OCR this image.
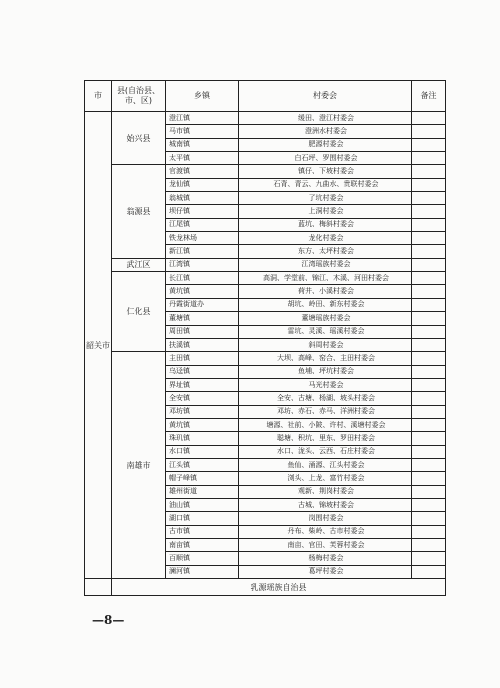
市	县(自治县、市、区)	乡镇	村委会	备注
韶关市	始兴县	澄江镇	缓田、澄江村委会	
		马市镇	澄洲水村委会	
		城南镇	肥源村委会	
		太平镇	白石坪、罗围村委会	
	翁源县	官渡镇	镇仔、下坡村委会	
		龙仙镇	石背、青云、九曲水、贵联村委会	
		翁城镇	了坑村委会	
		坝仔镇	上洞村委会	
		江尾镇	蓝坑、梅斜村委会	
		铁龙林场	龙化村委会	
		新江镇	东方、太坪村委会	
	武江区	江湾镇	江湾瑶族村委会	
	仁化县	长江镇	高洞、学堂前、锦江、木溪、河田村委会	
		黄坑镇	荷井、小溪村委会	
		丹霞街道办	胡坑、岭田、新东村委会	
		董塘镇	董塘瑶族村委会	
		周田镇	雷坑、灵溪、瑶溪村委会	
		扶溪镇	斜周村委会	
	南雄市	主田镇	大坝、高峰、窑合、主田村委会	
		乌迳镇	鱼埔、坪坑村委会	
		界址镇	马光村委会	
		全安镇	全安、古塘、杨湖、坡头村委会	
		邓坊镇	邓坊、赤石、赤马、洋洲村委会	
		黄坑镇	塘源、社前、小陂、许村、溪塘村委会	
		珠玑镇	聪塘、积坑、里东、罗田村委会	
		水口镇	水口、泷头、云西、石庄村委会	
		江头镇	鱼仙、涌源、江头村委会	
		帽子峰镇	浏头、上龙、富竹村委会	
		雄州街道	观新、荆岗村委会	
		油山镇	古城、锦坡村委会	
		湖口镇	岗围村委会	
		古市镇	丹布、柴岭、古市村委会	
		南亩镇	南亩、官田、芙蓉村委会	
		百顺镇	杨梅村委会	
		澜河镇	葛坪村委会	
	乳源瑶族自治县			
—8—
